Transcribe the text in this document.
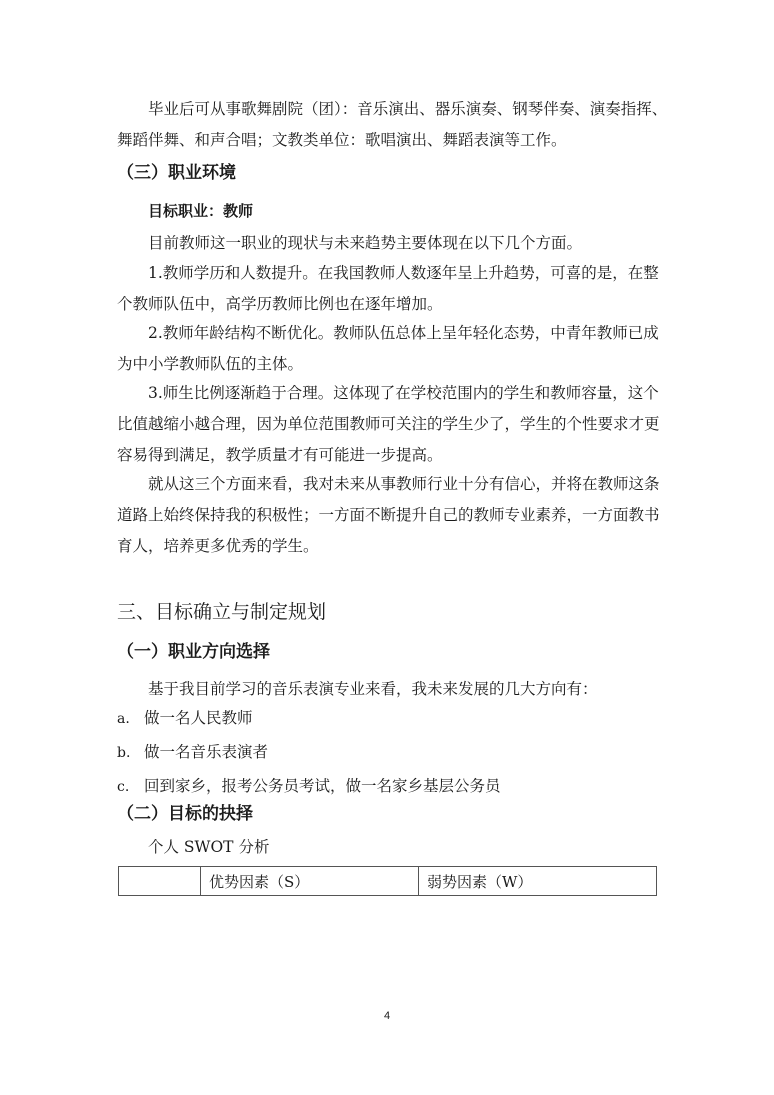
毕业后可从事歌舞剧院（团）：音乐演出、器乐演奏、钢琴伴奏、演奏指挥、
舞蹈伴舞、和声合唱；文教类单位：歌唱演出、舞蹈表演等工作。

（三）职业环境
目标职业：教师

目前教师这一职业的现状与未来趋势主要体现在以下几个方面。

1.教师学历和人数提升。在我国教师人数逐年呈上升趋势，可喜的是，在整
个教师队伍中，高学历教师比例也在逐年增加。

2.教师年龄结构不断优化。教师队伍总体上呈年轻化态势，中青年教师已成
为中小学教师队伍的主体。

3.师生比例逐渐趋于合理。这体现了在学校范围内的学生和教师容量，这个
比值越缩小越合理，因为单位范围教师可关注的学生少了，学生的个性要求才更
容易得到满足，教学质量才有可能进一步提高。

就从这三个方面来看，我对未来从事教师行业十分有信心，并将在教师这条
道路上始终保持我的积极性；一方面不断提升自己的教师专业素养，一方面教书
育人，培养更多优秀的学生。

三、目标确立与制定规划
（一）职业方向选择

基于我目前学习的音乐表演专业来看，我未来发展的几大方向有：

a. 做一名人民教师
b. 做一名音乐表演者
c. 回到家乡，报考公务员考试，做一名家乡基层公务员
（二）目标的抉择

个人 SWOT 分析

	优势因素（S）	弱势因素（W）

4
